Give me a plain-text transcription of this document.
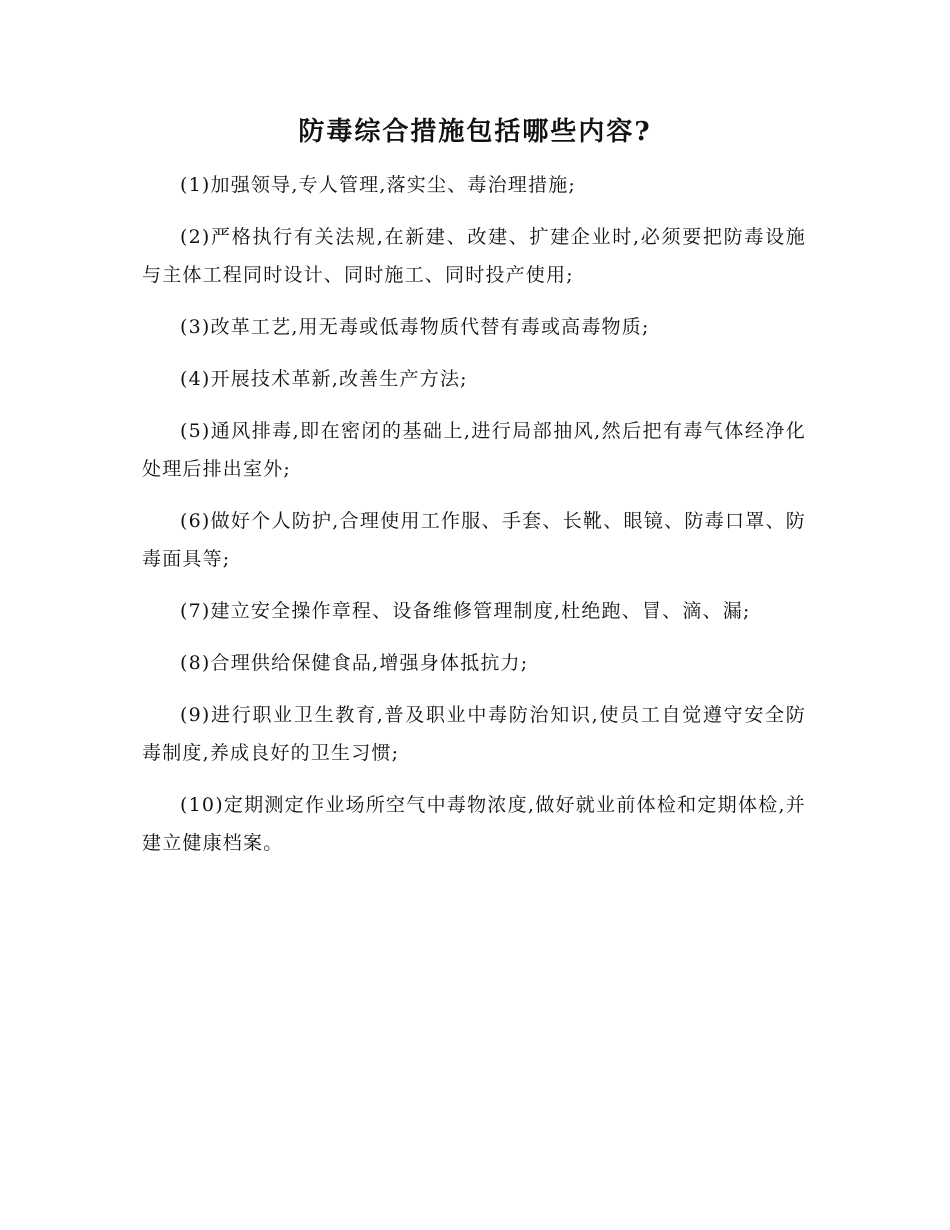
防毒综合措施包括哪些内容?

(1)加强领导,专人管理,落实尘、毒治理措施;

(2)严格执行有关法规,在新建、改建、扩建企业时,必须要把防毒设施与主体工程同时设计、同时施工、同时投产使用;

(3)改革工艺,用无毒或低毒物质代替有毒或高毒物质;

(4)开展技术革新,改善生产方法;

(5)通风排毒,即在密闭的基础上,进行局部抽风,然后把有毒气体经净化处理后排出室外;

(6)做好个人防护,合理使用工作服、手套、长靴、眼镜、防毒口罩、防毒面具等;

(7)建立安全操作章程、设备维修管理制度,杜绝跑、冒、滴、漏;

(8)合理供给保健食品,增强身体抵抗力;

(9)进行职业卫生教育,普及职业中毒防治知识,使员工自觉遵守安全防毒制度,养成良好的卫生习惯;

(10)定期测定作业场所空气中毒物浓度,做好就业前体检和定期体检,并建立健康档案。
